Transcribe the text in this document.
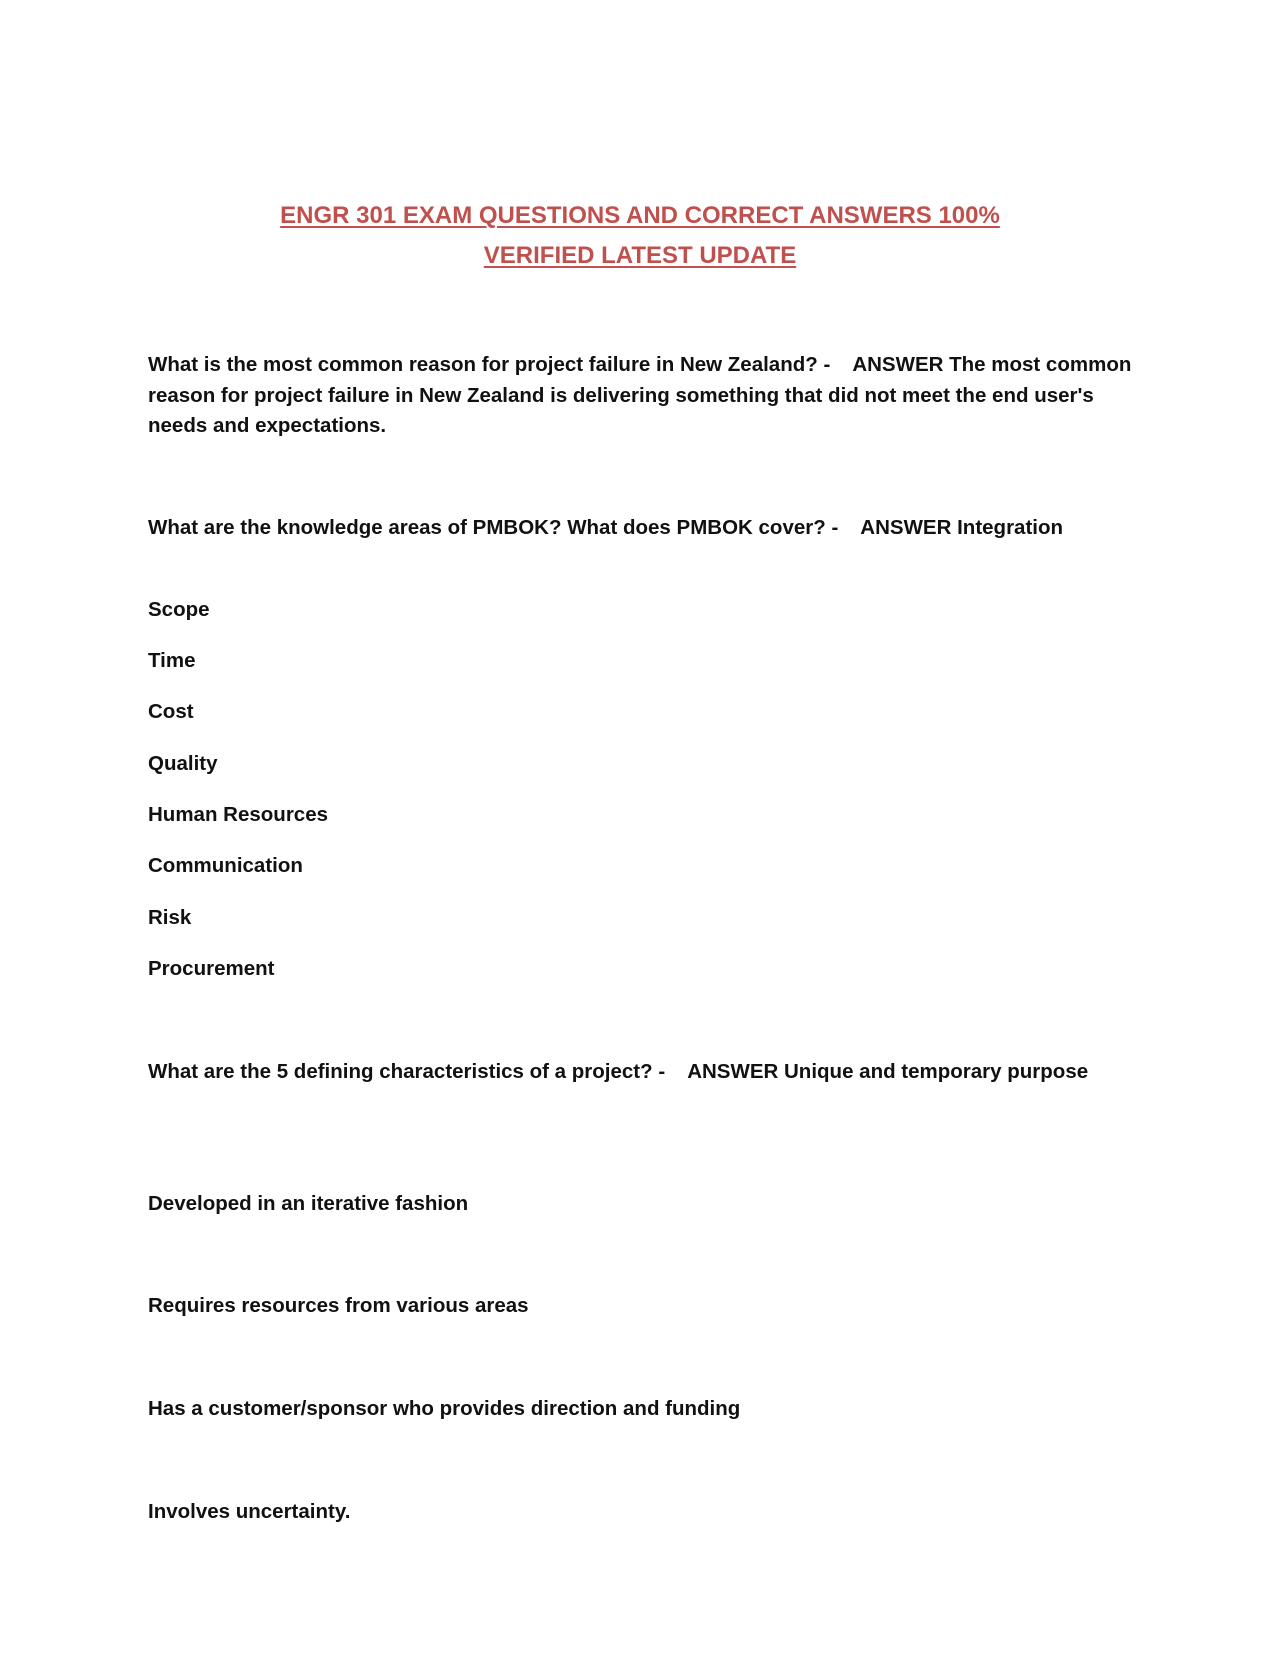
ENGR 301 EXAM QUESTIONS AND CORRECT ANSWERS 100%
VERIFIED LATEST UPDATE
What is the most common reason for project failure in New Zealand? -    ANSWER The most common reason for project failure in New Zealand is delivering something that did not meet the end user's needs and expectations.
What are the knowledge areas of PMBOK? What does PMBOK cover? -    ANSWER Integration
Scope
Time
Cost
Quality
Human Resources
Communication
Risk
Procurement
What are the 5 defining characteristics of a project? -    ANSWER Unique and temporary purpose
Developed in an iterative fashion
Requires resources from various areas
Has a customer/sponsor who provides direction and funding
Involves uncertainty.
